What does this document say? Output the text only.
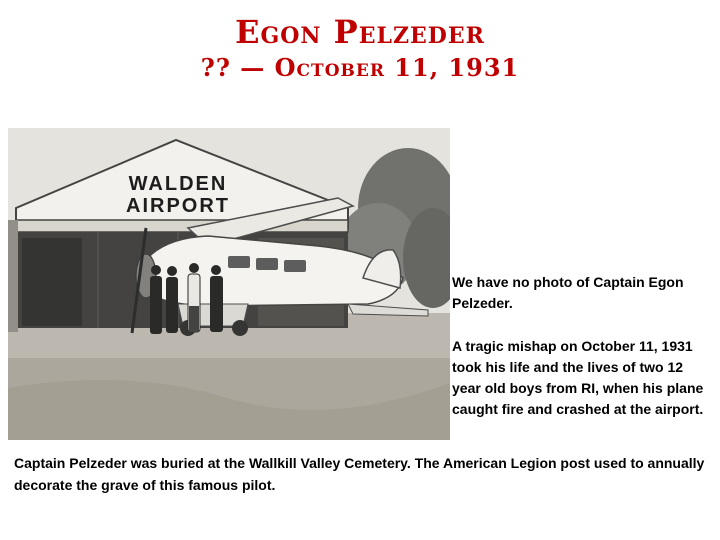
Egon Pelzeder
?? — October 11, 1931
WALDEN
AIRPORT
We have no photo of Captain Egon Pelzeder.
A tragic mishap on October 11, 1931 took his life and the lives of two 12 year old boys from RI, when his plane caught fire and crashed at the airport.
Captain Pelzeder was buried at the Wallkill Valley Cemetery. The American Legion post used to annually decorate the grave of this famous pilot.
